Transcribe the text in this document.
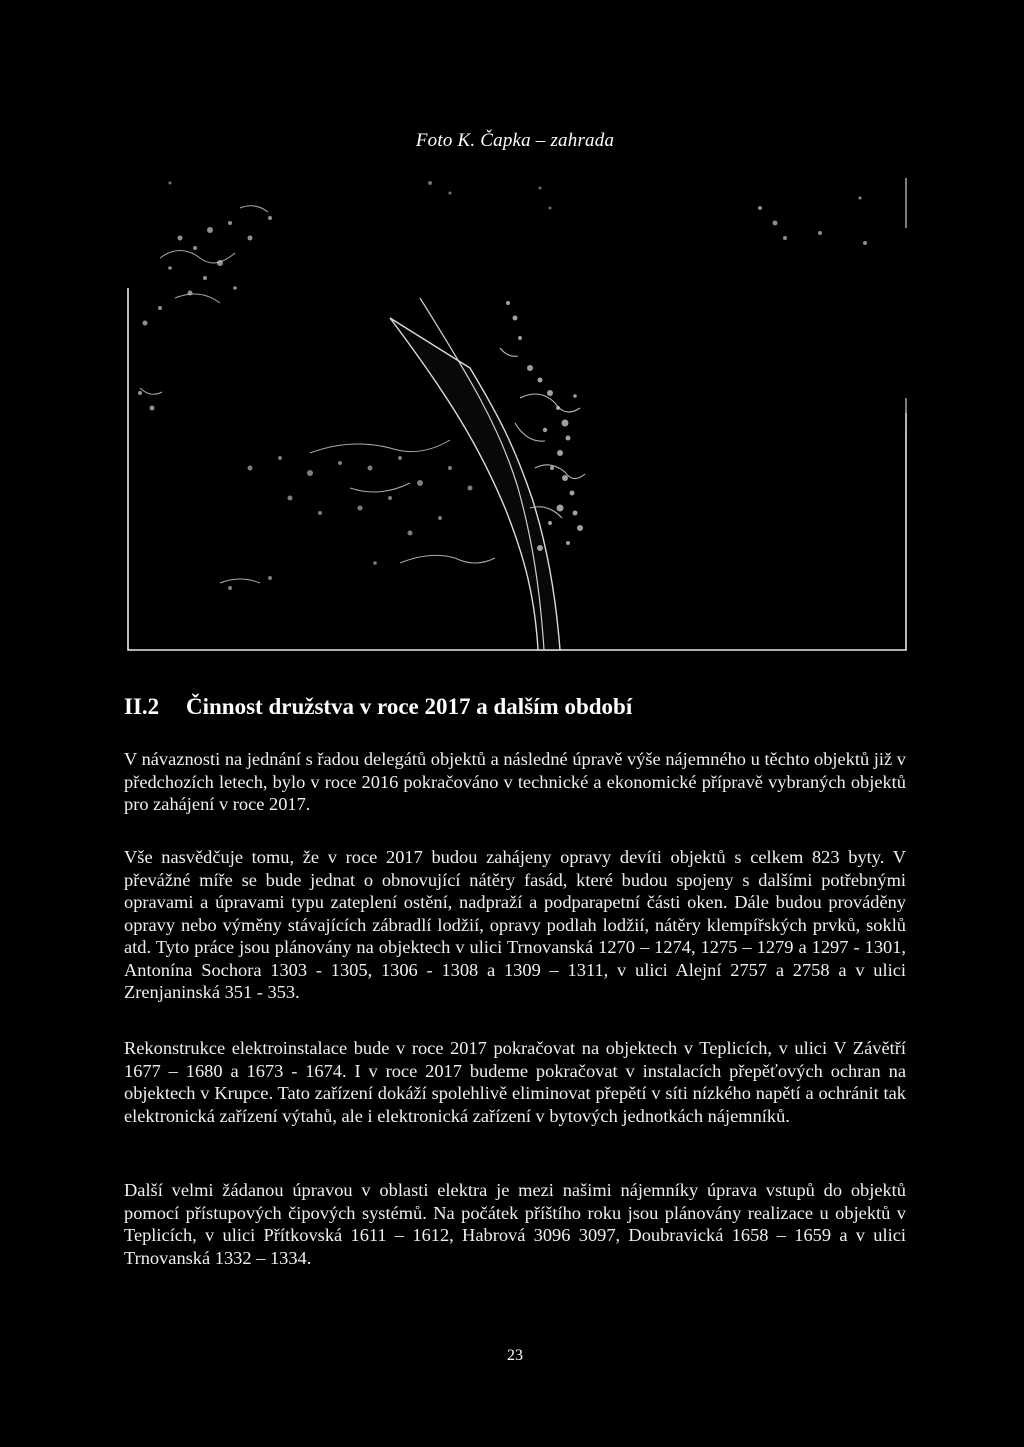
Foto K. Čapka – zahrada
II.2 Činnost družstva v roce 2017 a dalším období

V návaznosti na jednání s řadou delegátů objektů a následné úpravě výše nájemného u těchto objektů již v předchozích letech, bylo v roce 2016 pokračováno v technické a ekonomické přípravě vybraných objektů pro zahájení v roce 2017.

Vše nasvědčuje tomu, že v roce 2017 budou zahájeny opravy devíti objektů s celkem 823 byty. V převážné míře se bude jednat o obnovující nátěry fasád, které budou spojeny s dalšími potřebnými opravami a úpravami typu zateplení ostění, nadpraží a podparapetní části oken. Dále budou prováděny opravy nebo výměny stávajících zábradlí lodžií, opravy podlah lodžií, nátěry klempířských prvků, soklů atd. Tyto práce jsou plánovány na objektech v ulici Trnovanská 1270 – 1274, 1275 – 1279 a 1297 - 1301, Antonína Sochora 1303 - 1305, 1306 - 1308 a 1309 – 1311, v ulici Alejní 2757 a 2758 a v ulici Zrenjaninská 351 - 353.

Rekonstrukce elektroinstalace bude v roce 2017 pokračovat na objektech v Teplicích, v ulici V Závětří 1677 – 1680 a 1673 - 1674. I v roce 2017 budeme pokračovat v instalacích přepěťových ochran na objektech v Krupce. Tato zařízení dokáží spolehlivě eliminovat přepětí v síti nízkého napětí a ochránit tak elektronická zařízení výtahů, ale i elektronická zařízení v bytových jednotkách nájemníků.

Další velmi žádanou úpravou v oblasti elektra je mezi našimi nájemníky úprava vstupů do objektů pomocí přístupových čipových systémů. Na počátek příštího roku jsou plánovány realizace u objektů v Teplicích, v ulici Přítkovská 1611 – 1612, Habrová 3096 3097, Doubravická 1658 – 1659 a v ulici Trnovanská 1332 – 1334.

23
